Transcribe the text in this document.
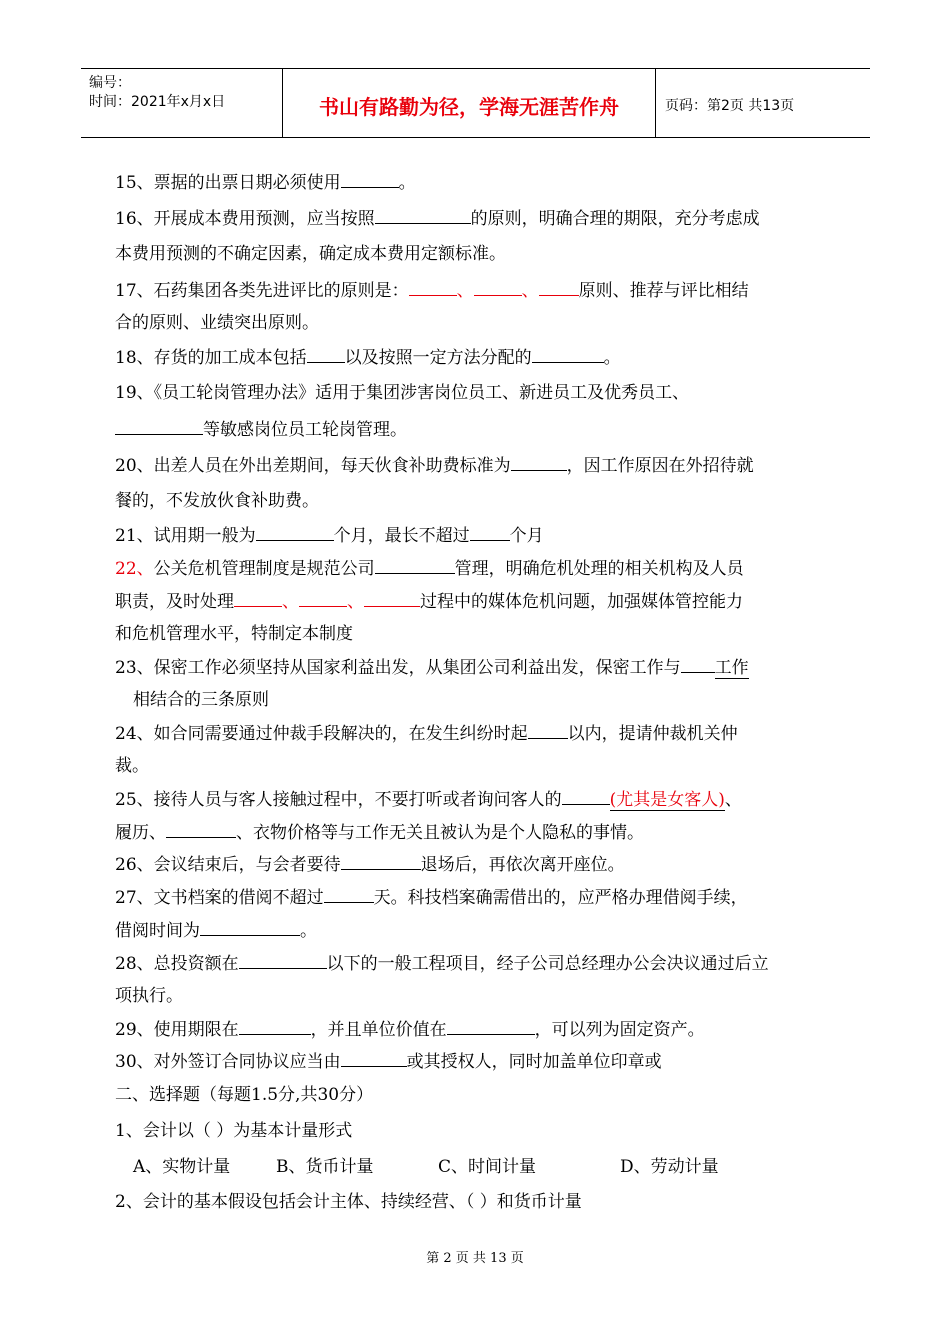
编号：
时间：2021年x月x日	书山有路勤为径，学海无涯苦作舟	页码：第2页 共13页
15、票据的出票日期必须使用	。
16、开展成本费用预测，应当按照	的原则，明确合理的期限，充分考虑成
本费用预测的不确定因素，确定成本费用定额标准。
17、石药集团各类先进评比的原则是：	、	、 原则、推荐与评比相结
合的原则、业绩突出原则。
18、存货的加工成本包括 以及按照一定方法分配的	。
19、《员工轮岗管理办法》适用于集团涉害岗位员工、新进员工及优秀员工、
等敏感岗位员工轮岗管理。
20、出差人员在外出差期间，每天伙食补助费标准为	，因工作原因在外招待就
餐的，不发放伙食补助费。
21、试用期一般为	个月，最长不超过 个月
22、公关危机管理制度是规范公司	管理，明确危机处理的相关机构及人员
职责，及时处理	、	、	过程中的媒体危机问题，加强媒体管控能力
和危机管理水平，特制定本制度
23、保密工作必须坚持从国家利益出发，从集团公司利益出发，保密工作与 工作
相结合的三条原则
24、如合同需要通过仲裁手段解决的，在发生纠纷时起 以内，提请仲裁机关仲
裁。
25、接待人员与客人接触过程中，不要打听或者询问客人的	(尤其是女客人)、
履历、	、衣物价格等与工作无关且被认为是个人隐私的事情。
26、会议结束后，与会者要待	退场后，再依次离开座位。
27、文书档案的借阅不超过	天。科技档案确需借出的，应严格办理借阅手续，
借阅时间为	。
28、总投资额在	以下的一般工程项目，经子公司总经理办公会决议通过后立
项执行。
29、使用期限在	，并且单位价值在	，可以列为固定资产。
30、对外签订合同协议应当由	或其授权人，同时加盖单位印章或
二、选择题（每题1.5分,共30分）
1、会计以（ ）为基本计量形式
A、实物计量	B、货币计量	C、时间计量	D、劳动计量
2、会计的基本假设包括会计主体、持续经营、（ ）和货币计量
第 2 页 共 13 页
